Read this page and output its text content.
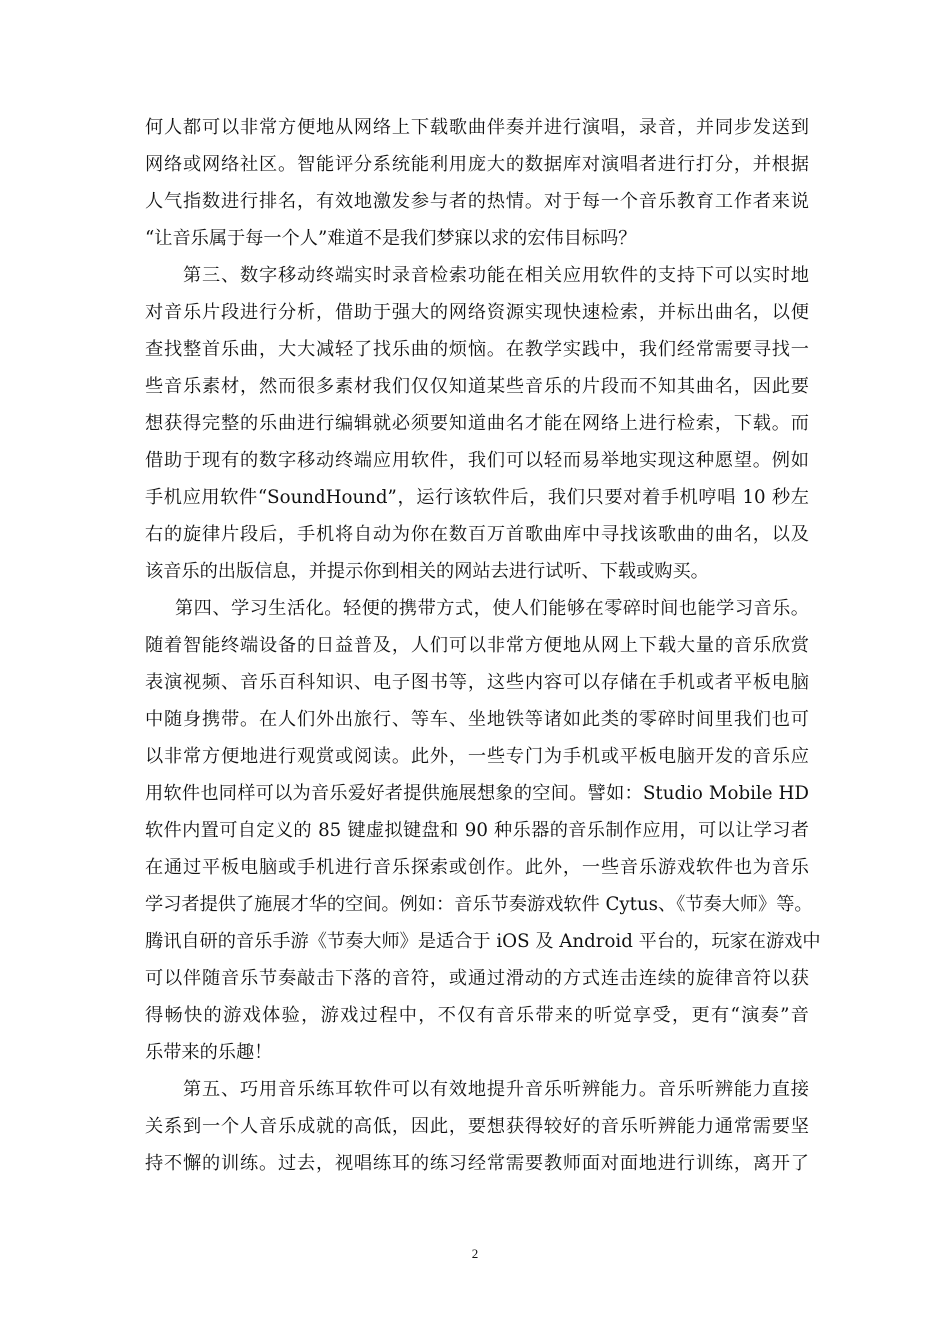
何人都可以非常方便地从网络上下载歌曲伴奏并进行演唱，录音，并同步发送到
网络或网络社区。智能评分系统能利用庞大的数据库对演唱者进行打分，并根据
人气指数进行排名，有效地激发参与者的热情。对于每一个音乐教育工作者来说
“让音乐属于每一个人”难道不是我们梦寐以求的宏伟目标吗？
第三、数字移动终端实时录音检索功能在相关应用软件的支持下可以实时地
对音乐片段进行分析，借助于强大的网络资源实现快速检索，并标出曲名，以便
查找整首乐曲，大大减轻了找乐曲的烦恼。在教学实践中，我们经常需要寻找一
些音乐素材，然而很多素材我们仅仅知道某些音乐的片段而不知其曲名，因此要
想获得完整的乐曲进行编辑就必须要知道曲名才能在网络上进行检索，下载。而
借助于现有的数字移动终端应用软件，我们可以轻而易举地实现这种愿望。例如
手机应用软件“SoundHound”，运行该软件后，我们只要对着手机哼唱 10 秒左
右的旋律片段后，手机将自动为你在数百万首歌曲库中寻找该歌曲的曲名，以及
该音乐的出版信息，并提示你到相关的网站去进行试听、下载或购买。
第四、学习生活化。轻便的携带方式，使人们能够在零碎时间也能学习音乐。
随着智能终端设备的日益普及，人们可以非常方便地从网上下载大量的音乐欣赏
表演视频、音乐百科知识、电子图书等，这些内容可以存储在手机或者平板电脑
中随身携带。在人们外出旅行、等车、坐地铁等诸如此类的零碎时间里我们也可
以非常方便地进行观赏或阅读。此外，一些专门为手机或平板电脑开发的音乐应
用软件也同样可以为音乐爱好者提供施展想象的空间。譬如：Studio Mobile HD
软件内置可自定义的 85 键虚拟键盘和 90 种乐器的音乐制作应用，可以让学习者
在通过平板电脑或手机进行音乐探索或创作。此外，一些音乐游戏软件也为音乐
学习者提供了施展才华的空间。例如：音乐节奏游戏软件 Cytus、《节奏大师》等。
腾讯自研的音乐手游《节奏大师》是适合于 iOS 及 Android 平台的，玩家在游戏中
可以伴随音乐节奏敲击下落的音符，或通过滑动的方式连击连续的旋律音符以获
得畅快的游戏体验，游戏过程中，不仅有音乐带来的听觉享受，更有“演奏”音
乐带来的乐趣！
第五、巧用音乐练耳软件可以有效地提升音乐听辨能力。音乐听辨能力直接
关系到一个人音乐成就的高低，因此，要想获得较好的音乐听辨能力通常需要坚
持不懈的训练。过去，视唱练耳的练习经常需要教师面对面地进行训练，离开了
2
